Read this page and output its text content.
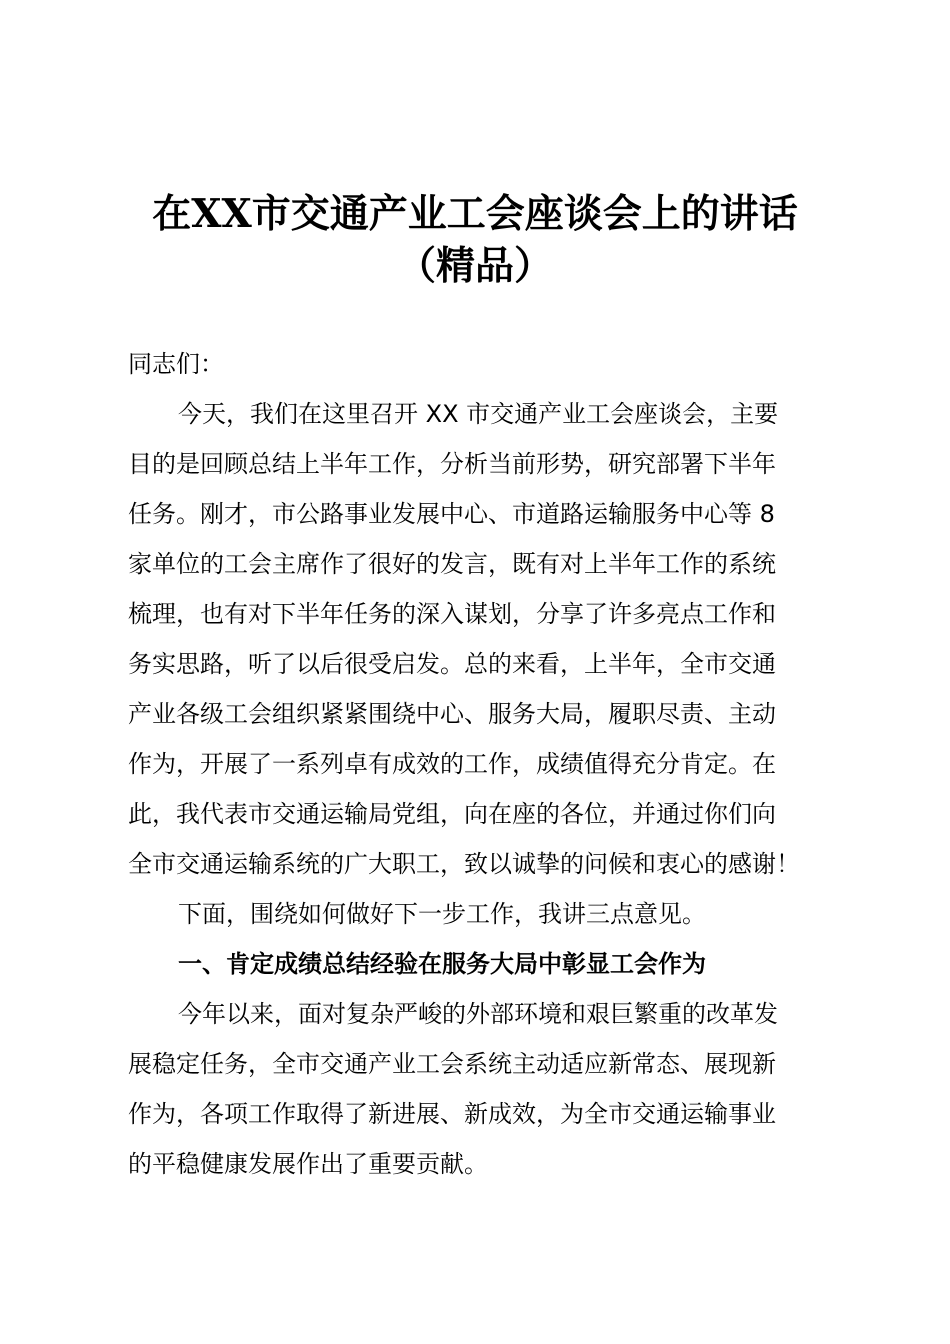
在XX市交通产业工会座谈会上的讲话
（精品）
同志们：
今天，我们在这里召开 XX 市交通产业工会座谈会，主要
目的是回顾总结上半年工作，分析当前形势，研究部署下半年
任务。刚才，市公路事业发展中心、市道路运输服务中心等 8
家单位的工会主席作了很好的发言，既有对上半年工作的系统
梳理，也有对下半年任务的深入谋划，分享了许多亮点工作和
务实思路，听了以后很受启发。总的来看，上半年，全市交通
产业各级工会组织紧紧围绕中心、服务大局，履职尽责、主动
作为，开展了一系列卓有成效的工作，成绩值得充分肯定。在
此，我代表市交通运输局党组，向在座的各位，并通过你们向
全市交通运输系统的广大职工，致以诚挚的问候和衷心的感谢！
下面，围绕如何做好下一步工作，我讲三点意见。
一、肯定成绩总结经验在服务大局中彰显工会作为
今年以来，面对复杂严峻的外部环境和艰巨繁重的改革发
展稳定任务，全市交通产业工会系统主动适应新常态、展现新
作为，各项工作取得了新进展、新成效，为全市交通运输事业
的平稳健康发展作出了重要贡献。
